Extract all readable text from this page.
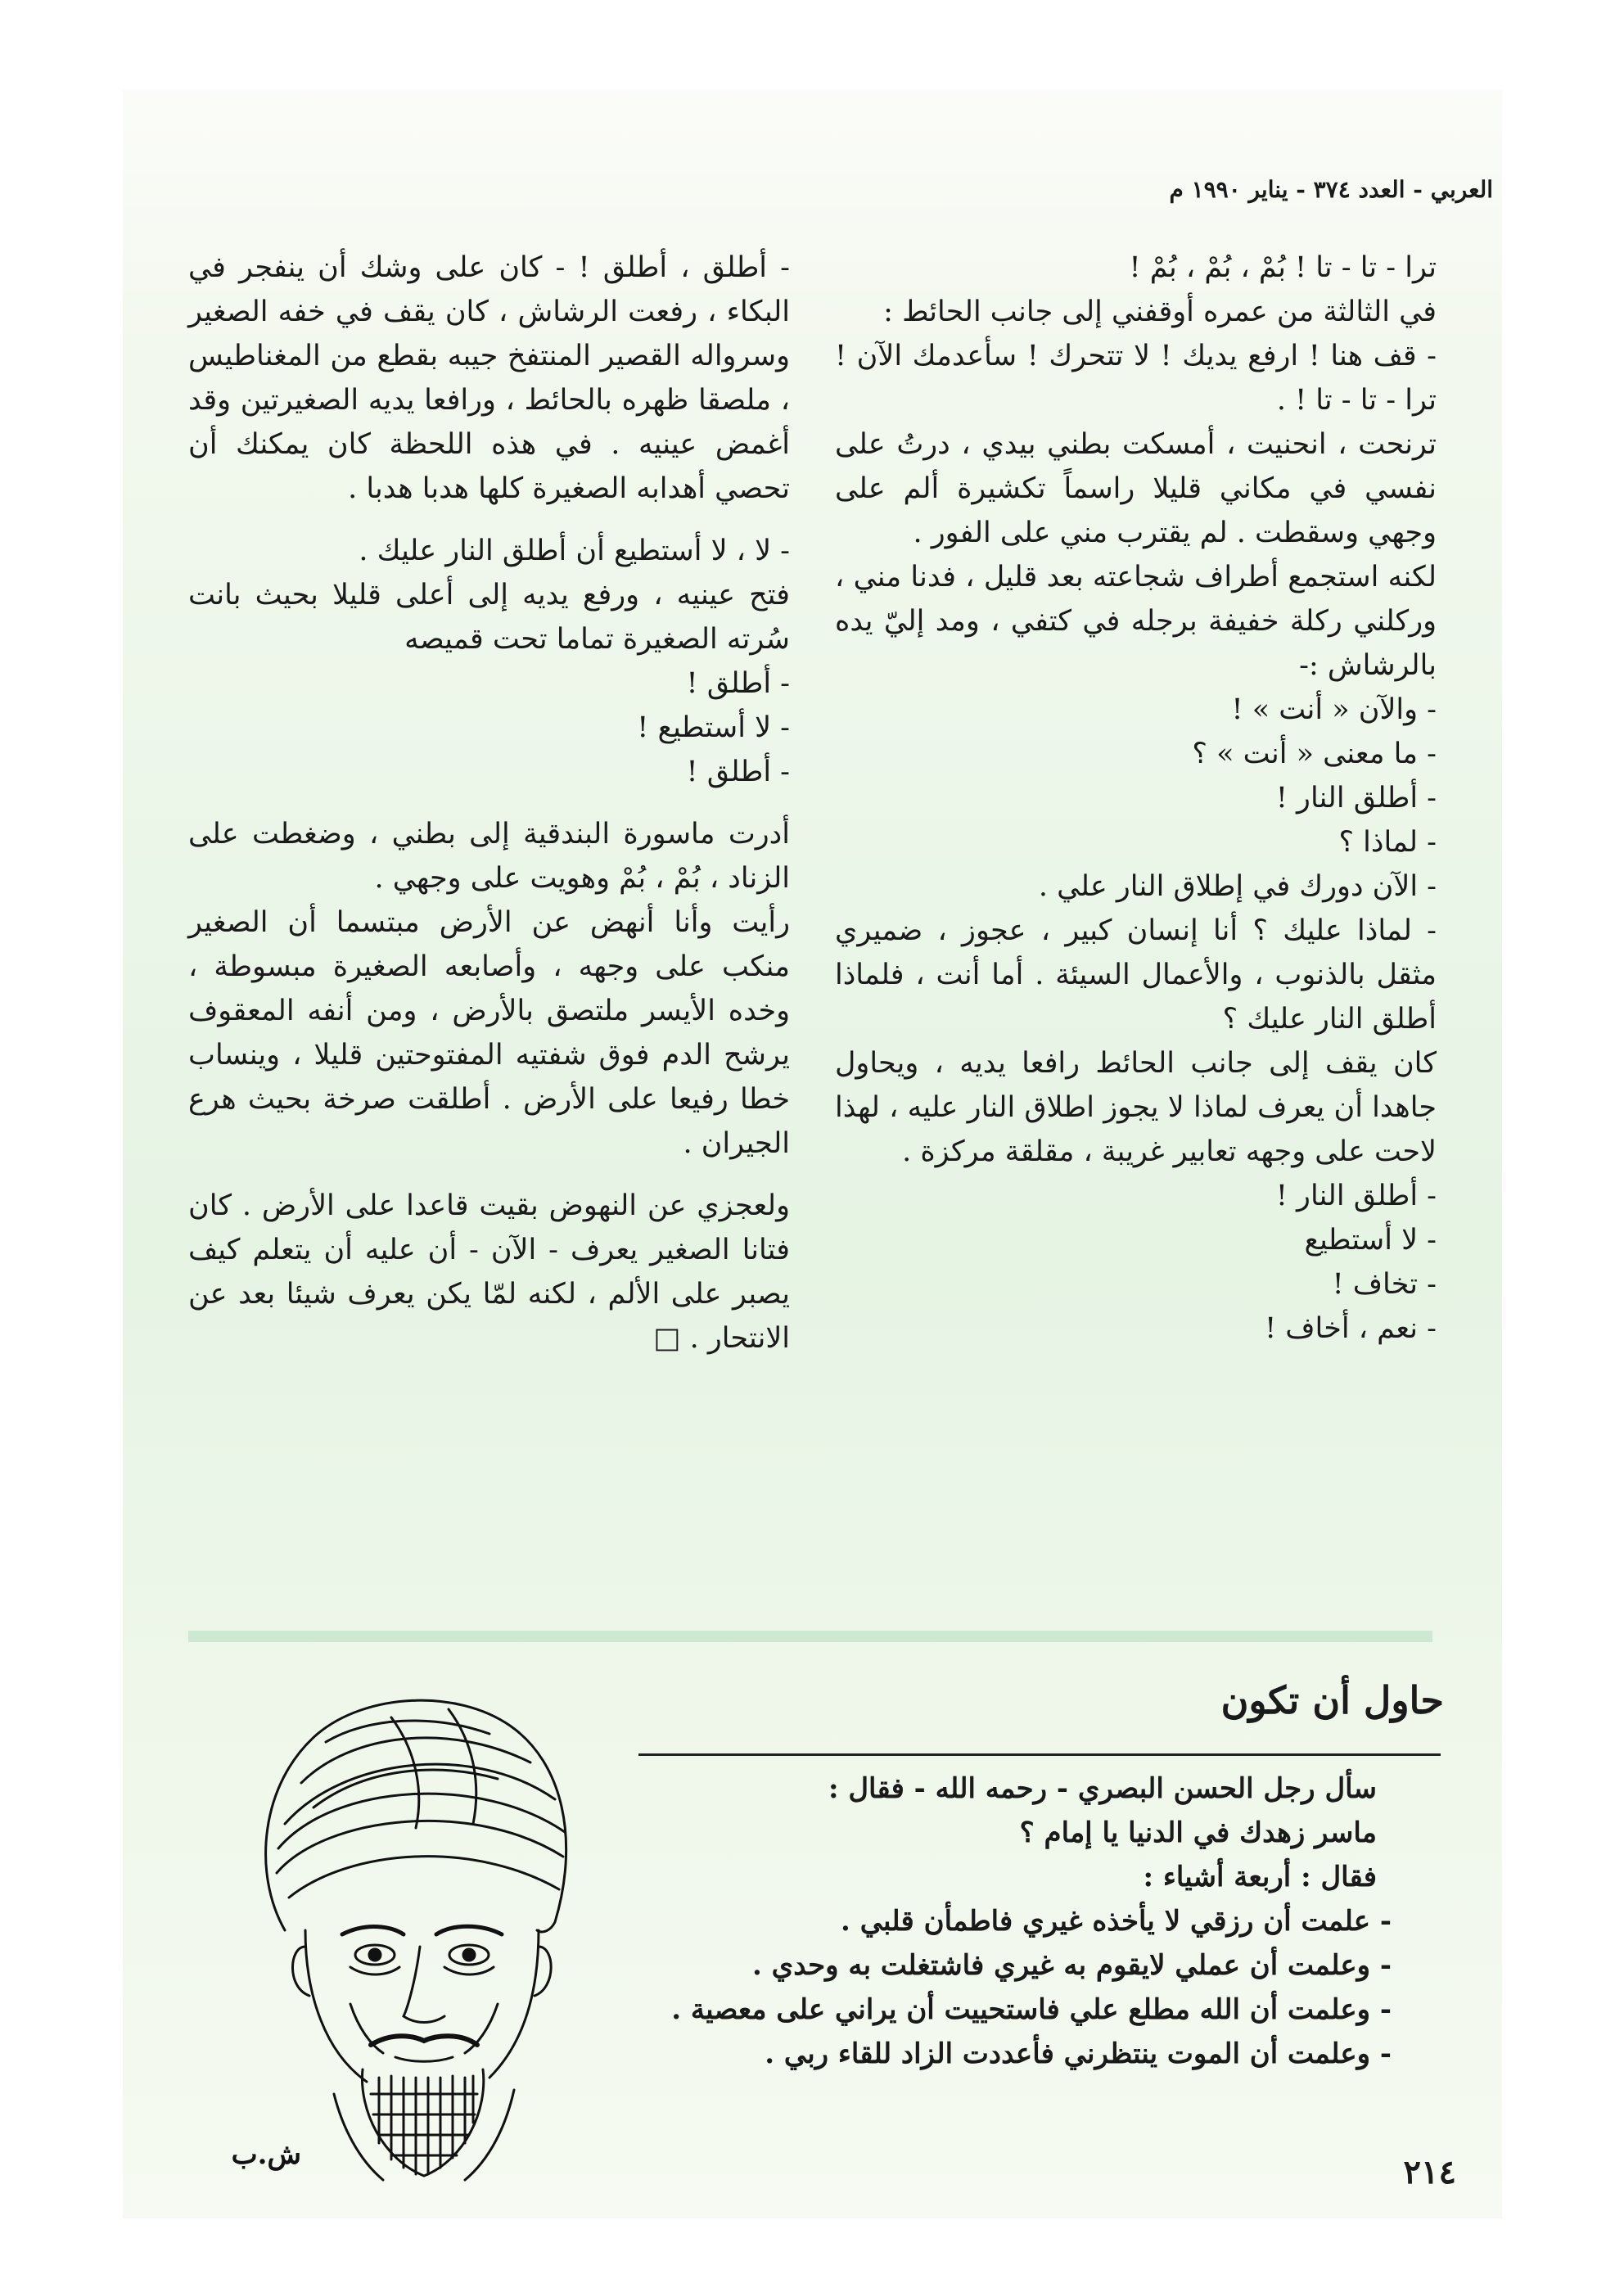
العربي - العدد ٣٧٤ - يناير ١٩٩٠ م

ترا - تا - تا ! بُمْ ، بُمْ ، بُمْ !

في الثالثة من عمره أوقفني إلى جانب الحائط :

- قف هنا ! ارفع يديك ! لا تتحرك ! سأعدمك الآن ! ترا - تا - تا ! .

ترنحت ، انحنيت ، أمسكت بطني بيدي ، درتُ على نفسي في مكاني قليلا راسماً تكشيرة ألم على وجهي وسقطت . لم يقترب مني على الفور .

لكنه استجمع أطراف شجاعته بعد قليل ، فدنا مني ، وركلني ركلة خفيفة برجله في كتفي ، ومد إليّ يده بالرشاش :-

- والآن « أنت » !

- ما معنى « أنت » ؟

- أطلق النار !

- لماذا ؟

- الآن دورك في إطلاق النار علي .

- لماذا عليك ؟ أنا إنسان كبير ، عجوز ، ضميري مثقل بالذنوب ، والأعمال السيئة . أما أنت ، فلماذا أطلق النار عليك ؟

كان يقف إلى جانب الحائط رافعا يديه ، ويحاول جاهدا أن يعرف لماذا لا يجوز اطلاق النار عليه ، لهذا لاحت على وجهه تعابير غريبة ، مقلقة مركزة .

- أطلق النار !

- لا أستطيع

- تخاف !

- نعم ، أخاف !

- أطلق ، أطلق ! - كان على وشك أن ينفجر في البكاء ، رفعت الرشاش ، كان يقف في خفه الصغير وسرواله القصير المنتفخ جيبه بقطع من المغناطيس ، ملصقا ظهره بالحائط ، ورافعا يديه الصغيرتين وقد أغمض عينيه . في هذه اللحظة كان يمكنك أن تحصي أهدابه الصغيرة كلها هدبا هدبا .

- لا ، لا أستطيع أن أطلق النار عليك .

فتح عينيه ، ورفع يديه إلى أعلى قليلا بحيث بانت سُرته الصغيرة تماما تحت قميصه

- أطلق !

- لا أستطيع !

- أطلق !

أدرت ماسورة البندقية إلى بطني ، وضغطت على الزناد ، بُمْ ، بُمْ وهويت على وجهي .

رأيت وأنا أنهض عن الأرض مبتسما أن الصغير منكب على وجهه ، وأصابعه الصغيرة مبسوطة ، وخده الأيسر ملتصق بالأرض ، ومن أنفه المعقوف يرشح الدم فوق شفتيه المفتوحتين قليلا ، وينساب خطا رفيعا على الأرض . أطلقت صرخة بحيث هرع الجيران .

ولعجزي عن النهوض بقيت قاعدا على الأرض . كان فتانا الصغير يعرف - الآن - أن عليه أن يتعلم كيف يصبر على الألم ، لكنه لمّا يكن يعرف شيئا بعد عن الانتحار . □

حاول أن تكون

سأل رجل الحسن البصري - رحمه الله - فقال :

ماسر زهدك في الدنيا يا إمام ؟

فقال : أربعة أشياء :

- علمت أن رزقي لا يأخذه غيري فاطمأن قلبي .

- وعلمت أن عملي لايقوم به غيري فاشتغلت به وحدي .

- وعلمت أن الله مطلع علي فاستحييت أن يراني على معصية .

- وعلمت أن الموت ينتظرني فأعددت الزاد للقاء ربي .

ش.ب	٢١٤
